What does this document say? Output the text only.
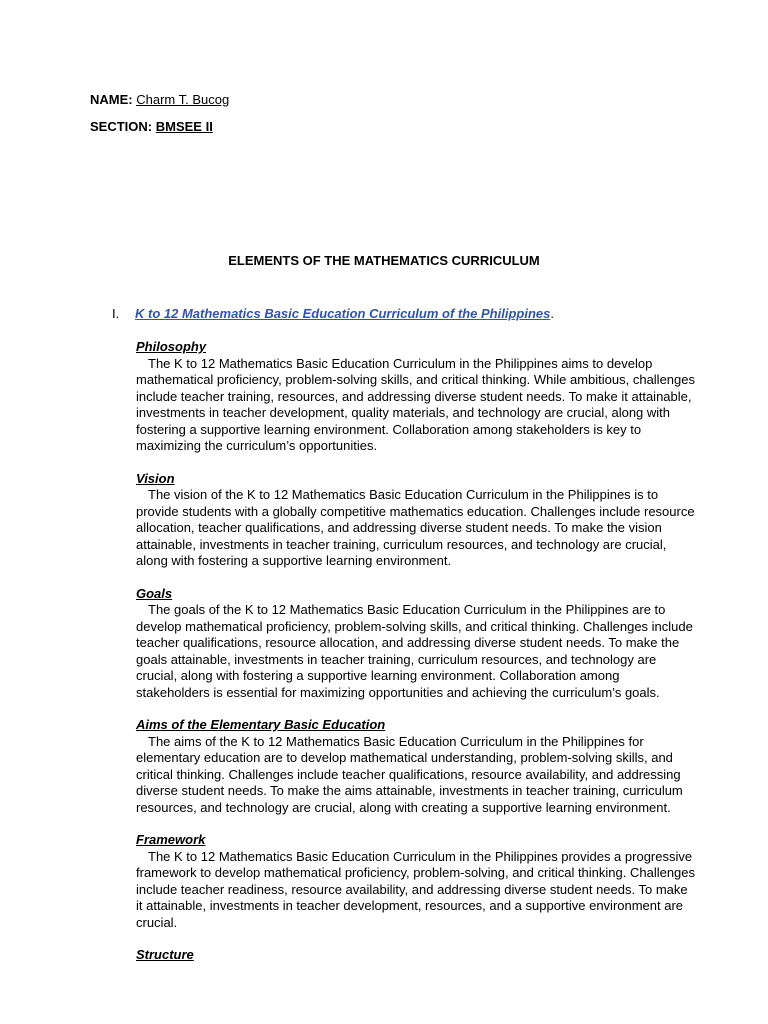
NAME: Charm T. Bucog
SECTION: BMSEE II
ELEMENTS OF THE MATHEMATICS CURRICULUM
I. K to 12 Mathematics Basic Education Curriculum of the Philippines.
Philosophy

The K to 12 Mathematics Basic Education Curriculum in the Philippines aims to develop mathematical proficiency, problem-solving skills, and critical thinking. While ambitious, challenges include teacher training, resources, and addressing diverse student needs. To make it attainable, investments in teacher development, quality materials, and technology are crucial, along with fostering a supportive learning environment. Collaboration among stakeholders is key to maximizing the curriculum’s opportunities.

Vision

The vision of the K to 12 Mathematics Basic Education Curriculum in the Philippines is to provide students with a globally competitive mathematics education. Challenges include resource allocation, teacher qualifications, and addressing diverse student needs. To make the vision attainable, investments in teacher training, curriculum resources, and technology are crucial, along with fostering a supportive learning environment.

Goals

The goals of the K to 12 Mathematics Basic Education Curriculum in the Philippines are to develop mathematical proficiency, problem-solving skills, and critical thinking. Challenges include teacher qualifications, resource allocation, and addressing diverse student needs. To make the goals attainable, investments in teacher training, curriculum resources, and technology are crucial, along with fostering a supportive learning environment. Collaboration among stakeholders is essential for maximizing opportunities and achieving the curriculum’s goals.

Aims of the Elementary Basic Education

The aims of the K to 12 Mathematics Basic Education Curriculum in the Philippines for elementary education are to develop mathematical understanding, problem-solving skills, and critical thinking. Challenges include teacher qualifications, resource availability, and addressing diverse student needs. To make the aims attainable, investments in teacher training, curriculum resources, and technology are crucial, along with creating a supportive learning environment.

Framework

The K to 12 Mathematics Basic Education Curriculum in the Philippines provides a progressive framework to develop mathematical proficiency, problem-solving, and critical thinking. Challenges include teacher readiness, resource availability, and addressing diverse student needs. To make it attainable, investments in teacher development, resources, and a supportive environment are crucial.

Structure
